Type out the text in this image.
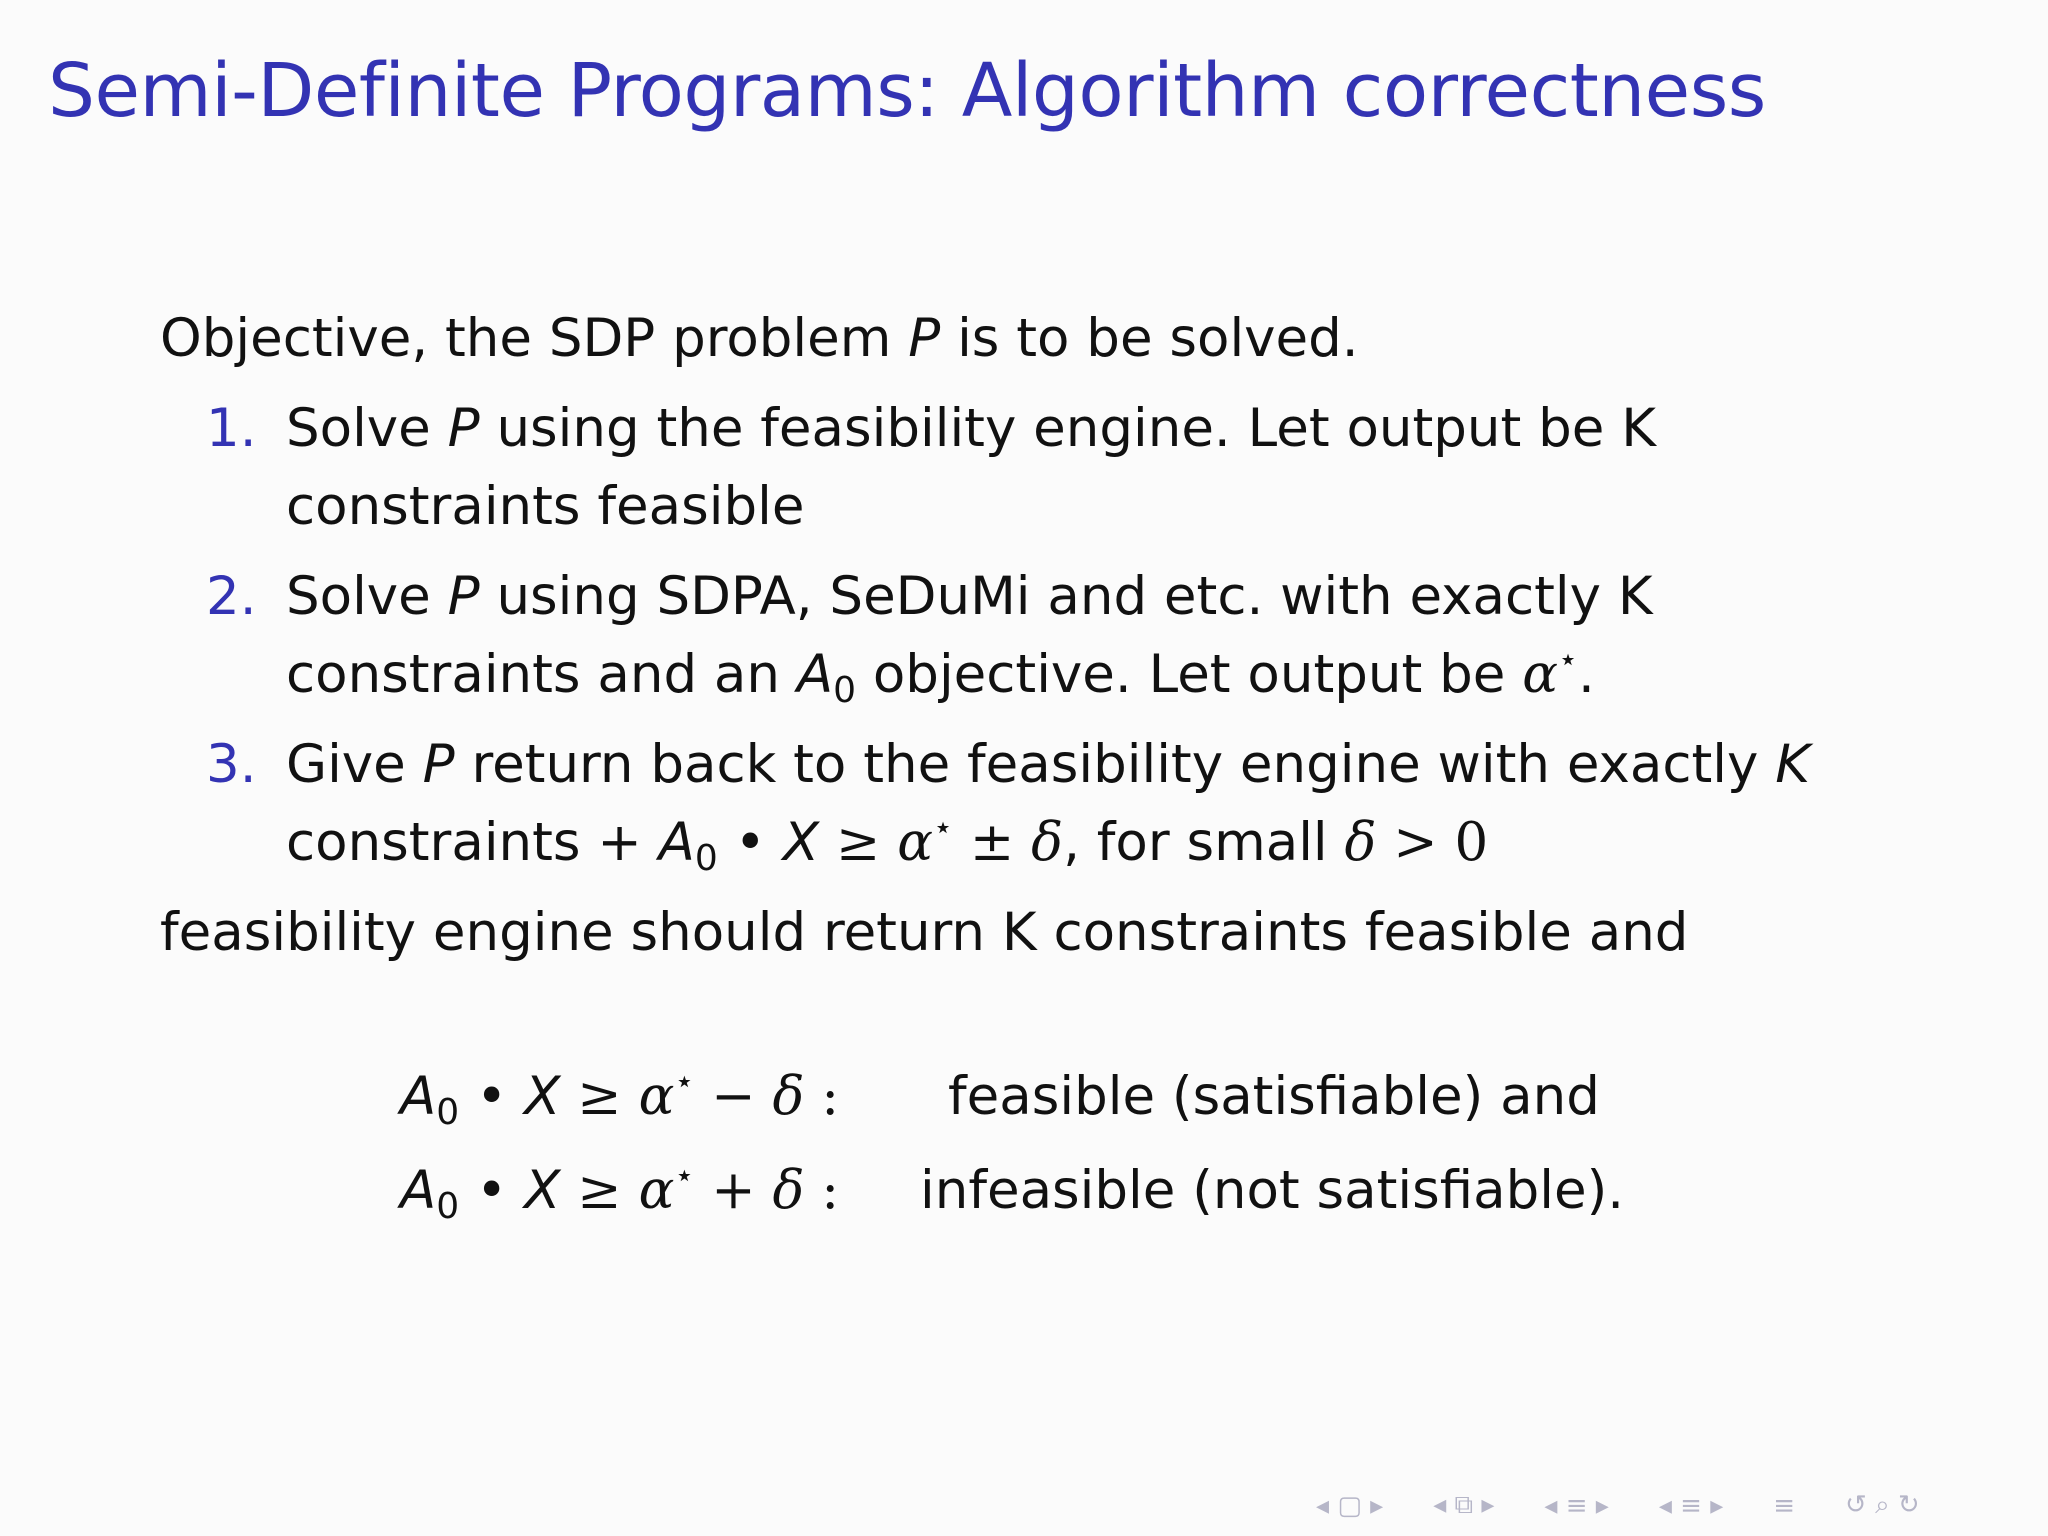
Semi-Definite Programs: Algorithm correctness
Objective, the SDP problem P is to be solved.
1. Solve P using the feasibility engine. Let output be K
constraints feasible
2. Solve P using SDPA, SeDuMi and etc. with exactly K
constraints and an $A_0$ objective. Let output be α⋆.
3. Give P return back to the feasibility engine with exactly K
constraints + $A_0$ • X ≥ α⋆ ± δ, for small δ > 0
feasibility engine should return K constraints feasible and
$A_0$ • X ≥ α⋆ − δ :	feasible (satisfiable) and
$A_0$ • X ≥ α⋆ + δ :	infeasible (not satisfiable).
◂ ▢ ▸ ◂ ⧉ ▸ ◂ ≡ ▸ ◂ ≡ ▸ ≡ ↺ ⌕ ↻
